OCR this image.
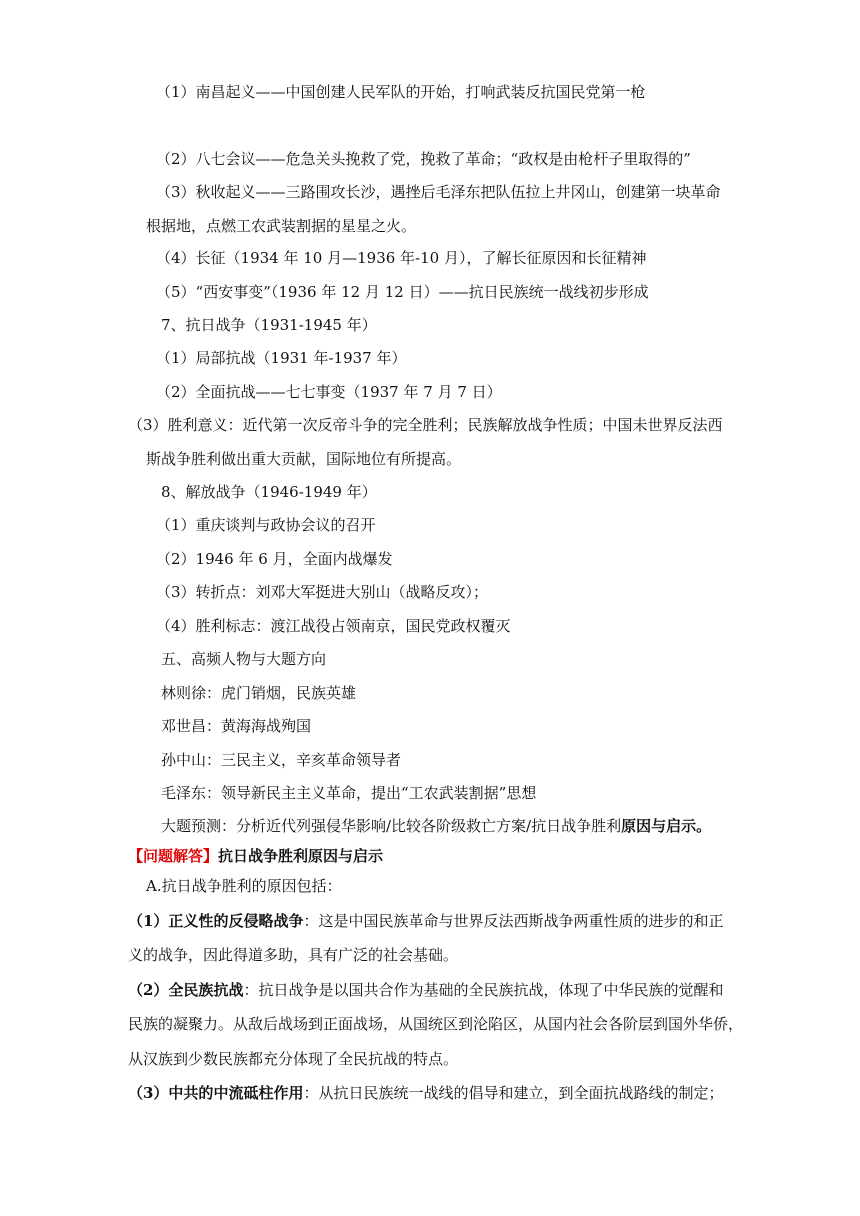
（1）南昌起义——中国创建人民军队的开始，打响武装反抗国民党第一枪
（2）八七会议——危急关头挽救了党，挽救了革命；“政权是由枪杆子里取得的”
（3）秋收起义——三路围攻长沙，遇挫后毛泽东把队伍拉上井冈山，创建第一块革命
根据地，点燃工农武装割据的星星之火。
（4）长征（1934 年 10 月—1936 年-10 月），了解长征原因和长征精神
（5）“西安事变”（1936 年 12 月 12 日）——抗日民族统一战线初步形成
7、抗日战争（1931-1945 年）
（1）局部抗战（1931 年-1937 年）
（2）全面抗战——七七事变（1937 年 7 月 7 日）
（3）胜利意义：近代第一次反帝斗争的完全胜利；民族解放战争性质；中国未世界反法西
斯战争胜利做出重大贡献，国际地位有所提高。
8、解放战争（1946-1949 年）
（1）重庆谈判与政协会议的召开
（2）1946 年 6 月，全面内战爆发
（3）转折点：刘邓大军挺进大别山（战略反攻）；
（4）胜利标志：渡江战役占领南京，国民党政权覆灭
五、高频人物与大题方向
林则徐：虎门销烟，民族英雄
邓世昌：黄海海战殉国
孙中山：三民主义，辛亥革命领导者
毛泽东：领导新民主主义革命，提出“工农武装割据”思想
大题预测：分析近代列强侵华影响/比较各阶级救亡方案/抗日战争胜利原因与启示。
【问题解答】抗日战争胜利原因与启示
A.抗日战争胜利的原因包括：
（1）正义性的反侵略战争：这是中国民族革命与世界反法西斯战争两重性质的进步的和正
义的战争，因此得道多助，具有广泛的社会基础。
（2）全民族抗战：抗日战争是以国共合作为基础的全民族抗战，体现了中华民族的觉醒和
民族的凝聚力。从敌后战场到正面战场，从国统区到沦陷区，从国内社会各阶层到国外华侨，
从汉族到少数民族都充分体现了全民抗战的特点。
（3）中共的中流砥柱作用：从抗日民族统一战线的倡导和建立，到全面抗战路线的制定；
